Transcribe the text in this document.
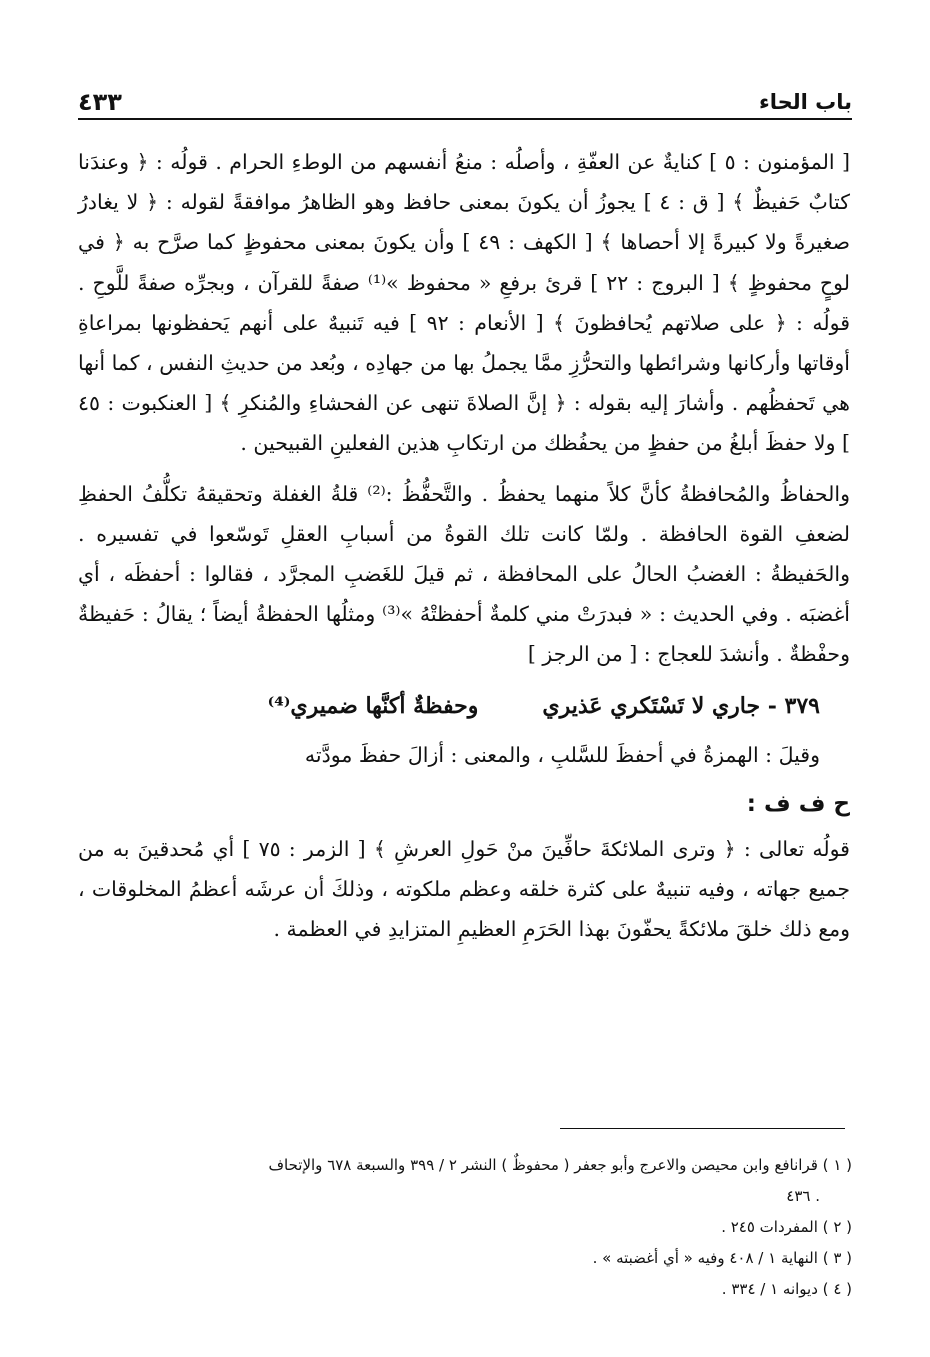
باب الحاء
٤٣٣

[ المؤمنون : ٥ ] كنايةٌ عن العفّةِ ، وأصلُه : منعُ أنفسهم من الوطءِ الحرام . قولُه : ﴿ وعندَنا كتابٌ حَفيظٌ ﴾ [ ق : ٤ ] يجوزُ أن يكونَ بمعنى حافظ وهو الظاهرُ موافقةً لقوله : ﴿ لا يغادرُ صغيرةً ولا كبيرةً إلا أحصاها ﴾ [ الكهف : ٤٩ ] وأن يكونَ بمعنى محفوظٍ كما صرَّح به ﴿ في لوحٍ محفوظٍ ﴾ [ البروج : ٢٢ ] قرئ برفعِ « محفوظ »⁽¹⁾ صفةً للقرآن ، وبجرِّه صفةً للَّوحِ . قولُه : ﴿ على صلاتهم يُحافظونَ ﴾ [ الأنعام : ٩٢ ] فيه تَنبيهٌ على أنهم يَحفظونها بمراعاةِ أوقاتها وأركانها وشرائطها والتحرُّزِ ممَّا يجملُ بها من جهادِه ، وبُعد من حديثِ النفس ، كما أنها هي تَحفظُهم . وأشارَ إليه بقوله : ﴿ إنَّ الصلاةَ تنهى عن الفحشاءِ والمُنكرِ ﴾ [ العنكبوت : ٤٥ ] ولا حفظَ أبلغُ من حفظٍ من يحفُظك من ارتكابِ هذين الفعلينِ القبيحين .

والحفاظُ والمُحافظةُ كأنَّ كلاً منهما يحفظُ . والتَّحفُّظُ :⁽²⁾ قلةُ الغفلة وتحقيقهُ تكلُّفُ الحفظِ لضعفِ القوة الحافظة . ولمّا كانت تلك القوةُ من أسبابِ العقلِ تَوسّعوا في تفسيره . والحَفيظةُ : الغضبُ الحالُ على المحافظة ، ثم قيلَ للغَضبِ المجرَّد ، فقالوا : أحفظَه ، أي أغضبَه . وفي الحديث : « فبدرَتْ مني كلمةٌ أحفظتْهُ »⁽³⁾ ومثلُها الحفظةُ أيضاً ؛ يقالُ : حَفيظةٌ وحفْظةٌ . وأنشدَ للعجاج : [ من الرجز ]

٣٧٩ - جاري لا تَسْتَكري عَذيري
وحفظةٌ أكنَّها ضميري⁽⁴⁾

وقيلَ : الهمزةُ في أحفظَ للسَّلبِ ، والمعنى : أزالَ حفظَ مودَّته

ح ف ف :

قولُه تعالى : ﴿ وترى الملائكةَ حافِّينَ منْ حَولِ العرشِ ﴾ [ الزمر : ٧٥ ] أي مُحدقينَ به من جميع جهاته ، وفيه تنبيهٌ على كثرة خلقه وعظم ملكوته ، وذلكَ أن عرشَه أعظمُ المخلوقات ، ومع ذلك خلقَ ملائكةً يحفّونَ بهذا الحَرَمِ العظيمِ المتزايدِ في العظمة .

( ١ ) قرانافع وابن محيصن والاعرج وأبو جعفر ( محفوظٌ ) النشر ٢ / ٣٩٩ والسبعة ٦٧٨ والإتحاف

. ٤٣٦

( ٢ ) المفردات ٢٤٥ .

( ٣ ) النهاية ١ / ٤٠٨ وفيه « أي أغضبته » .

( ٤ ) ديوانه ١ / ٣٣٤ .
